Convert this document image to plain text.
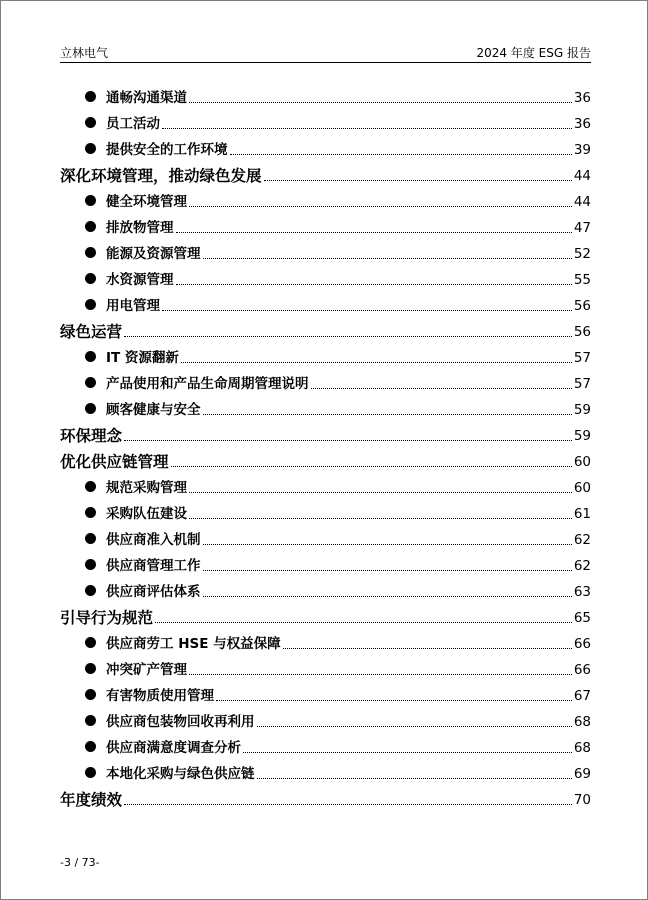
立林电气	2024 年度 ESG 报告
通畅沟通渠道	36
员工活动	36
提供安全的工作环境	39
深化环境管理，推动绿色发展	44
健全环境管理	44
排放物管理	47
能源及资源管理	52
水资源管理	55
用电管理	56
绿色运营	56
IT 资源翻新	57
产品使用和产品生命周期管理说明	57
顾客健康与安全	59
环保理念	59
优化供应链管理	60
规范采购管理	60
采购队伍建设	61
供应商准入机制	62
供应商管理工作	62
供应商评估体系	63
引导行为规范	65
供应商劳工 HSE 与权益保障	66
冲突矿产管理	66
有害物质使用管理	67
供应商包装物回收再利用	68
供应商满意度调查分析	68
本地化采购与绿色供应链	69
年度绩效	70
-3 / 73-
